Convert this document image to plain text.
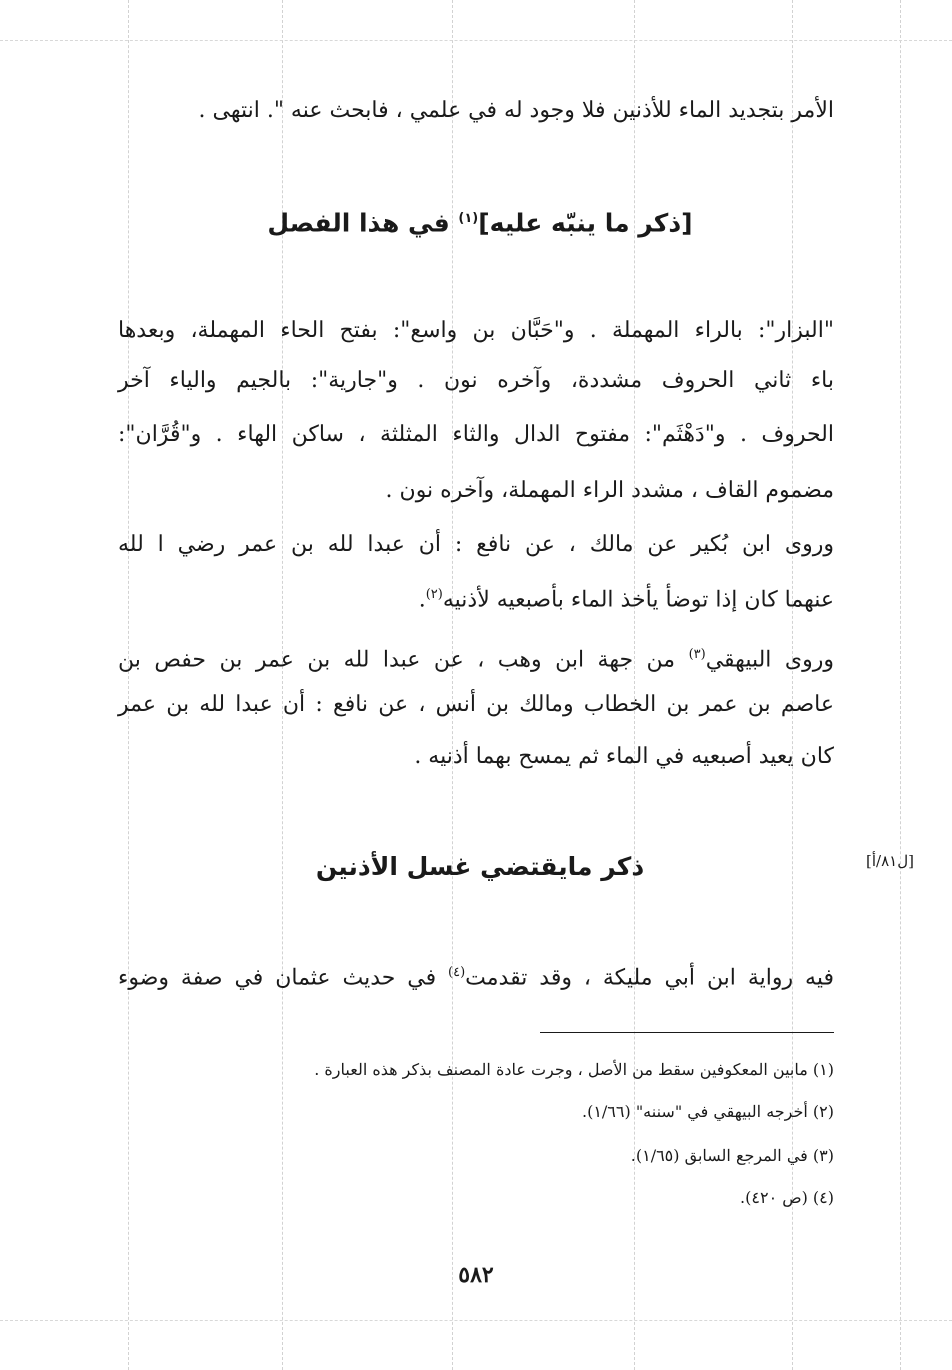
الأمر بتجديد الماء للأذنين فلا وجود له في علمي ، فابحث عنه ". انتهى .
[ذكر ما ينبّه عليه]$^{(١)}$ في هذا الفصل
"البزار": بالراء المهملة . و"حَبَّان بن واسع": بفتح الحاء المهملة، وبعدها
باء ثاني الحروف مشددة، وآخره نون . و"جارية": بالجيم والياء آخر
الحروف . و"دَهْثَم": مفتوح الدال والثاء المثلثة ، ساكن الهاء . و"قُرَّان":
مضموم القاف ، مشدد الراء المهملة، وآخره نون .
وروى ابن بُكير عن مالك ، عن نافع : أن عبدا لله بن عمر رضي ا لله
عنهما كان إذا توضأ يأخذ الماء بأصبعيه لأذنيه$^{(٢)}$.
وروى البيهقي$^{(٣)}$ من جهة ابن وهب ، عن عبدا لله بن عمر بن حفص بن
عاصم بن عمر بن الخطاب ومالك بن أنس ، عن نافع : أن عبدا لله بن عمر
كان يعيد أصبعيه في الماء ثم يمسح بهما أذنيه .
[ل٨١/أ]
ذكر مايقتضي غسل الأذنين
فيه رواية ابن أبي مليكة ، وقد تقدمت$^{(٤)}$ في حديث عثمان في صفة وضوء
(١) مابين المعكوفين سقط من الأصل ، وجرت عادة المصنف بذكر هذه العبارة .
(٢) أخرجه البيهقي في "سننه" (١/٦٦).
(٣) في المرجع السابق (١/٦٥).
(٤) (ص ٤٢٠).
٥٨٢
